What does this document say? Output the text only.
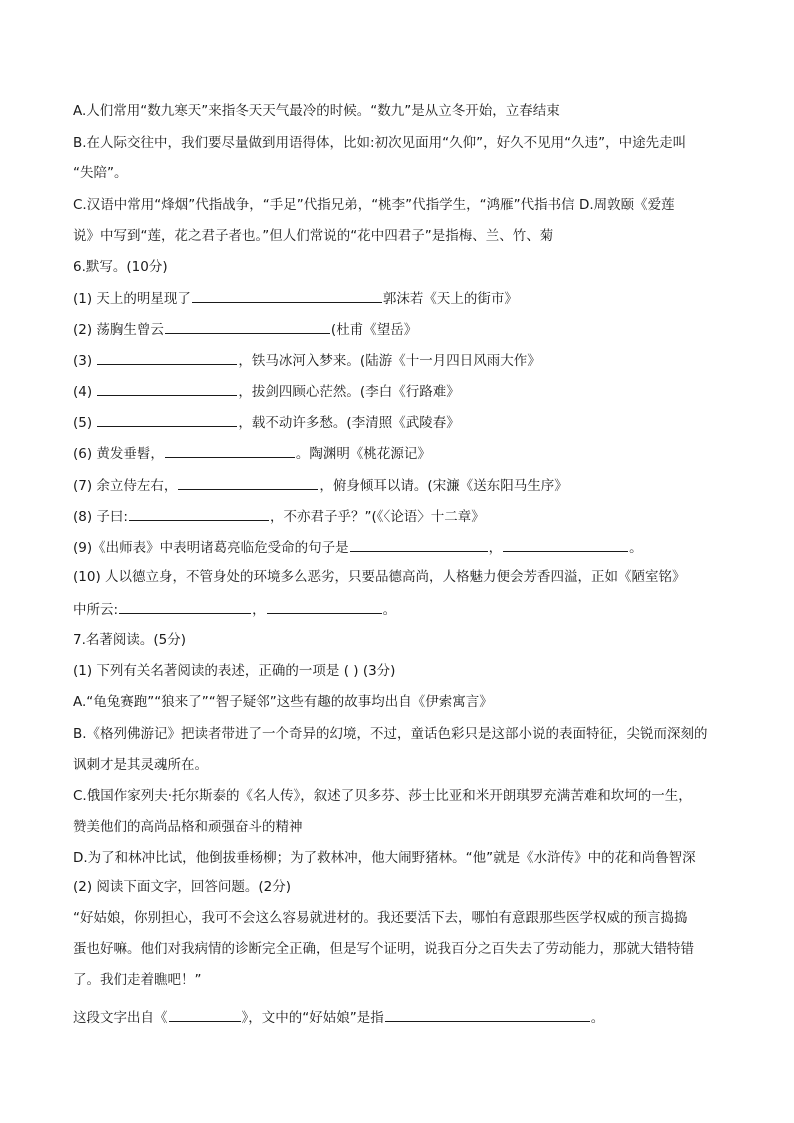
A.人们常用“数九寒天”来指冬天天气最冷的时候。“数九”是从立冬开始，立春结束
B.在人际交往中，我们要尽量做到用语得体，比如:初次见面用“久仰”，好久不见用“久违”，中途先走叫
“失陪”。
C.汉语中常用“烽烟”代指战争，“手足”代指兄弟，“桃李”代指学生，“鸿雁”代指书信 D.周敦颐《爱莲
说》中写到“莲，花之君子者也。”但人们常说的“花中四君子”是指梅、兰、竹、菊
6.默写。(10分)
(1) 天上的明星现了	郭沫若《天上的街市》
(2) 荡胸生曾云	(杜甫《望岳》
(3)	，铁马冰河入梦来。(陆游《十一月四日风雨大作》
(4)	，拔剑四顾心茫然。(李白《行路难》
(5)	，载不动许多愁。(李清照《武陵春》
(6) 黄发垂髫，	。陶渊明《桃花源记》
(7) 余立侍左右，	，俯身倾耳以请。(宋濂《送东阳马生序》
(8) 子曰:	，不亦君子乎？”(《〈论语〉十二章》
(9)《出师表》中表明诸葛亮临危受命的句子是	，	。
(10) 人以德立身，不管身处的环境多么恶劣，只要品德高尚，人格魅力便会芳香四溢，正如《陋室铭》
中所云:	，	。
7.名著阅读。(5分)
(1) 下列有关名著阅读的表述，正确的一项是 ( ) (3分)
A.“龟兔赛跑”“狼来了”“智子疑邻”这些有趣的故事均出自《伊索寓言》
B.《格列佛游记》把读者带进了一个奇异的幻境，不过，童话色彩只是这部小说的表面特征，尖锐而深刻的
讽刺才是其灵魂所在。
C.俄国作家列夫·托尔斯泰的《名人传》，叙述了贝多芬、莎士比亚和米开朗琪罗充满苦难和坎坷的一生，
赞美他们的高尚品格和顽强奋斗的精神
D.为了和林冲比试，他倒拔垂杨柳；为了救林冲，他大闹野猪林。“他”就是《水浒传》中的花和尚鲁智深
(2) 阅读下面文字，回答问题。(2分)
“好姑娘，你别担心，我可不会这么容易就进材的。我还要活下去，哪怕有意跟那些医学权威的预言捣捣
蛋也好嘛。他们对我病情的诊断完全正确，但是写个证明，说我百分之百失去了劳动能力，那就大错特错
了。我们走着瞧吧！”
这段文字出自《	》，文中的“好姑娘”是指	。
